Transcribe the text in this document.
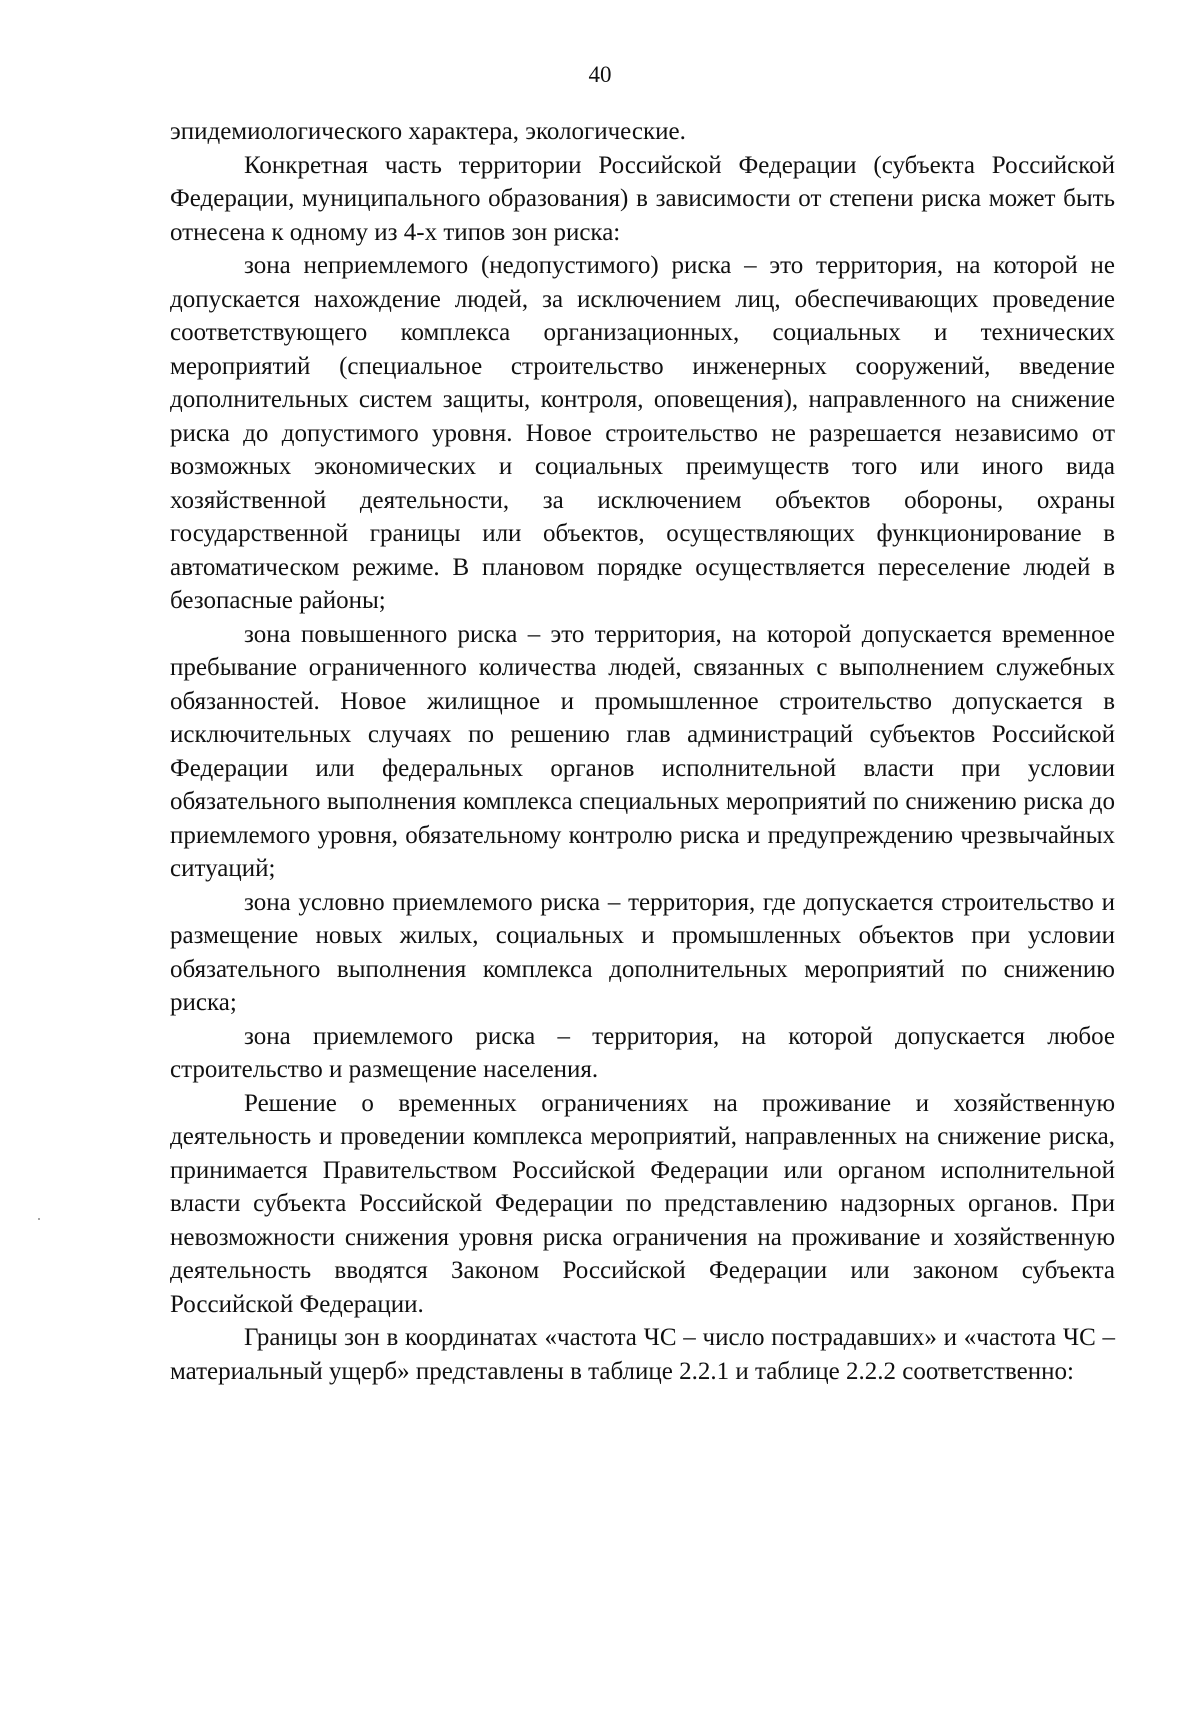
40

эпидемиологического характера, экологические.

Конкретная часть территории Российской Федерации (субъекта Российской Федерации, муниципального образования) в зависимости от степени риска может быть отнесена к одному из 4-х типов зон риска:

зона неприемлемого (недопустимого) риска – это территория, на которой не допускается нахождение людей, за исключением лиц, обеспечивающих проведение соответствующего комплекса организационных, социальных и технических мероприятий (специальное строительство инженерных сооружений, введение дополнительных систем защиты, контроля, оповещения), направленного на снижение риска до допустимого уровня. Новое строительство не разрешается независимо от возможных экономических и социальных преимуществ того или иного вида хозяйственной деятельности, за исключением объектов обороны, охраны государственной границы или объектов, осуществляющих функционирование в автоматическом режиме. В плановом порядке осуществляется переселение людей в безопасные районы;

зона повышенного риска – это территория, на которой допускается временное пребывание ограниченного количества людей, связанных с выполнением служебных обязанностей. Новое жилищное и промышленное строительство допускается в исключительных случаях по решению глав администраций субъектов Российской Федерации или федеральных органов исполнительной власти при условии обязательного выполнения комплекса специальных мероприятий по снижению риска до приемлемого уровня, обязательному контролю риска и предупреждению чрезвычайных ситуаций;

зона условно приемлемого риска – территория, где допускается строительство и размещение новых жилых, социальных и промышленных объектов при условии обязательного выполнения комплекса дополнительных мероприятий по снижению риска;

зона приемлемого риска – территория, на которой допускается любое строительство и размещение населения.

Решение о временных ограничениях на проживание и хозяйственную деятельность и проведении комплекса мероприятий, направленных на снижение риска, принимается Правительством Российской Федерации или органом исполнительной власти субъекта Российской Федерации по представлению надзорных органов. При невозможности снижения уровня риска ограничения на проживание и хозяйственную деятельность вводятся Законом Российской Федерации или законом субъекта Российской Федерации.

Границы зон в координатах «частота ЧС – число пострадавших» и «частота ЧС – материальный ущерб» представлены в таблице 2.2.1 и таблице 2.2.2 соответственно:
